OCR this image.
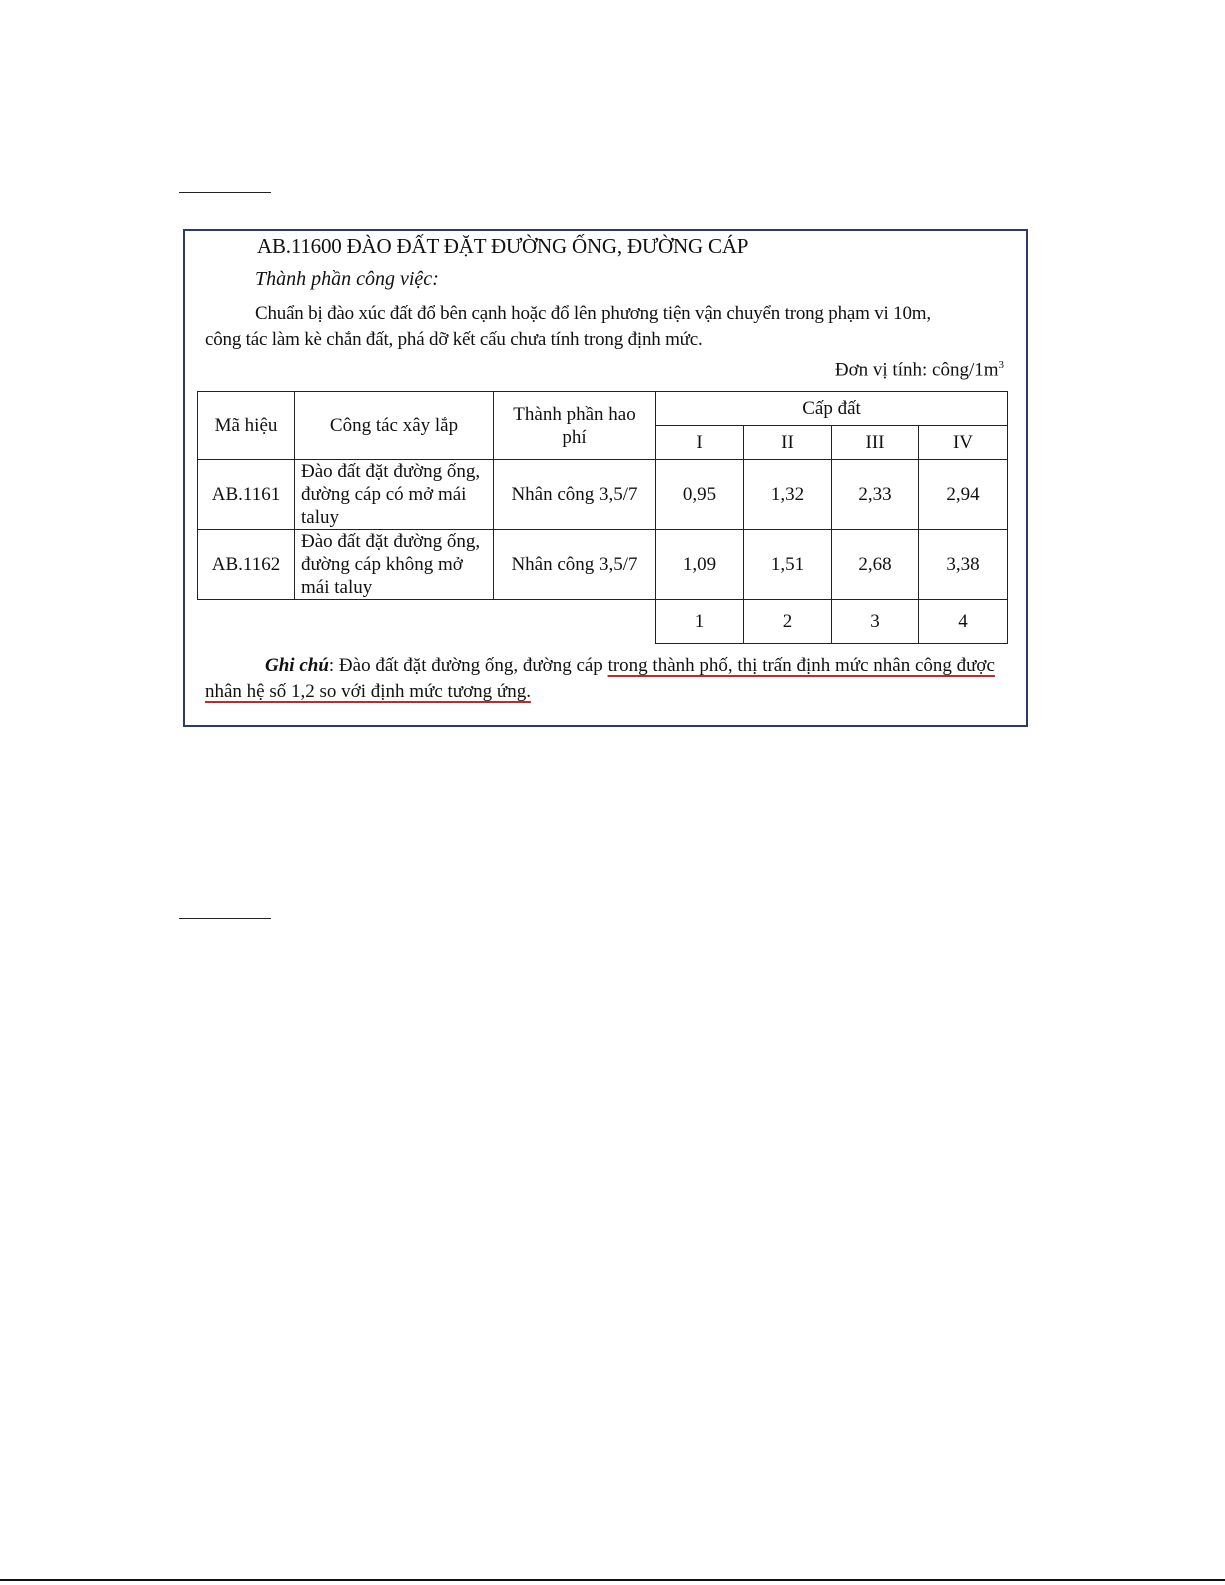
AB.11600 ĐÀO ĐẤT ĐẶT ĐƯỜNG ỐNG, ĐƯỜNG CÁP
Thành phần công việc:
Chuẩn bị đào xúc đất đổ bên cạnh hoặc đổ lên phương tiện vận chuyển trong phạm vi 10m,
công tác làm kè chắn đất, phá dỡ kết cấu chưa tính trong định mức.
Đơn vị tính: công/$1m^3$
Mã hiệu	Công tác xây lắp	Thành phần hao phí	Cấp đất			
			I	II	III	IV
AB.1161	Đào đất đặt đường ống, đường cáp có mở mái taluy	Nhân công 3,5/7	0,95	1,32	2,33	2,94
AB.1162	Đào đất đặt đường ống, đường cáp không mở mái taluy	Nhân công 3,5/7	1,09	1,51	2,68	3,38
			1	2	3	4
Ghi chú: Đào đất đặt đường ống, đường cáp trong thành phố, thị trấn định mức nhân công được nhân hệ số 1,2 so với định mức tương ứng.
